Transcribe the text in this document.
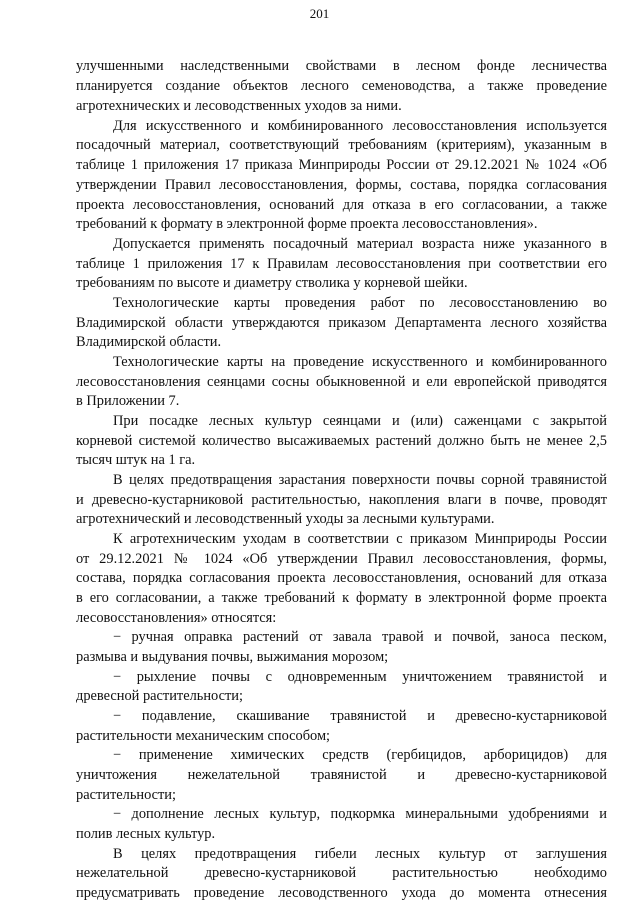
201

улучшенными наследственными свойствами в лесном фонде лесничества

планируется создание объектов лесного семеноводства, а также проведение

агротехнических и лесоводственных уходов за ними.

Для искусственного и комбинированного лесовосстановления используется

посадочный материал, соответствующий требованиям (критериям), указанным в

таблице 1 приложения 17 приказа Минприроды России от 29.12.2021 № 1024 «Об

утверждении Правил лесовосстановления, формы, состава, порядка согласования

проекта лесовосстановления, оснований для отказа в его согласовании, а также

требований к формату в электронной форме проекта лесовосстановления».

Допускается применять посадочный материал возраста ниже указанного в

таблице 1 приложения 17 к Правилам лесовосстановления при соответствии его

требованиям по высоте и диаметру стволика у корневой шейки.

Технологические карты проведения работ по лесовосстановлению во

Владимирской области утверждаются приказом Департамента лесного хозяйства

Владимирской области.

Технологические карты на проведение искусственного и комбинированного

лесовосстановления сеянцами сосны обыкновенной и ели европейской приводятся

в Приложении 7.

При посадке лесных культур сеянцами и (или) саженцами с закрытой

корневой системой количество высаживаемых растений должно быть не менее 2,5

тысяч штук на 1 га.

В целях предотвращения зарастания поверхности почвы сорной травянистой

и древесно-кустарниковой растительностью, накопления влаги в почве, проводят

агротехнический и лесоводственный уходы за лесными культурами.

К агротехническим уходам в соответствии с приказом Минприроды России

от 29.12.2021 № 1024 «Об утверждении Правил лесовосстановления, формы,

состава, порядка согласования проекта лесовосстановления, оснований для отказа

в его согласовании, а также требований к формату в электронной форме проекта

лесовосстановления» относятся:

− ручная оправка растений от завала травой и почвой, заноса песком,

размыва и выдувания почвы, выжимания морозом;

− рыхление почвы с одновременным уничтожением травянистой и

древесной растительности;

− подавление, скашивание травянистой и древесно-кустарниковой

растительности механическим способом;

− применение химических средств (гербицидов, арборицидов) для

уничтожения нежелательной травянистой и древесно-кустарниковой

растительности;

− дополнение лесных культур, подкормка минеральными удобрениями и

полив лесных культур.

В целях предотвращения гибели лесных культур от заглушения

нежелательной древесно-кустарниковой растительностью необходимо

предусматривать проведение лесоводственного ухода до момента отнесения
